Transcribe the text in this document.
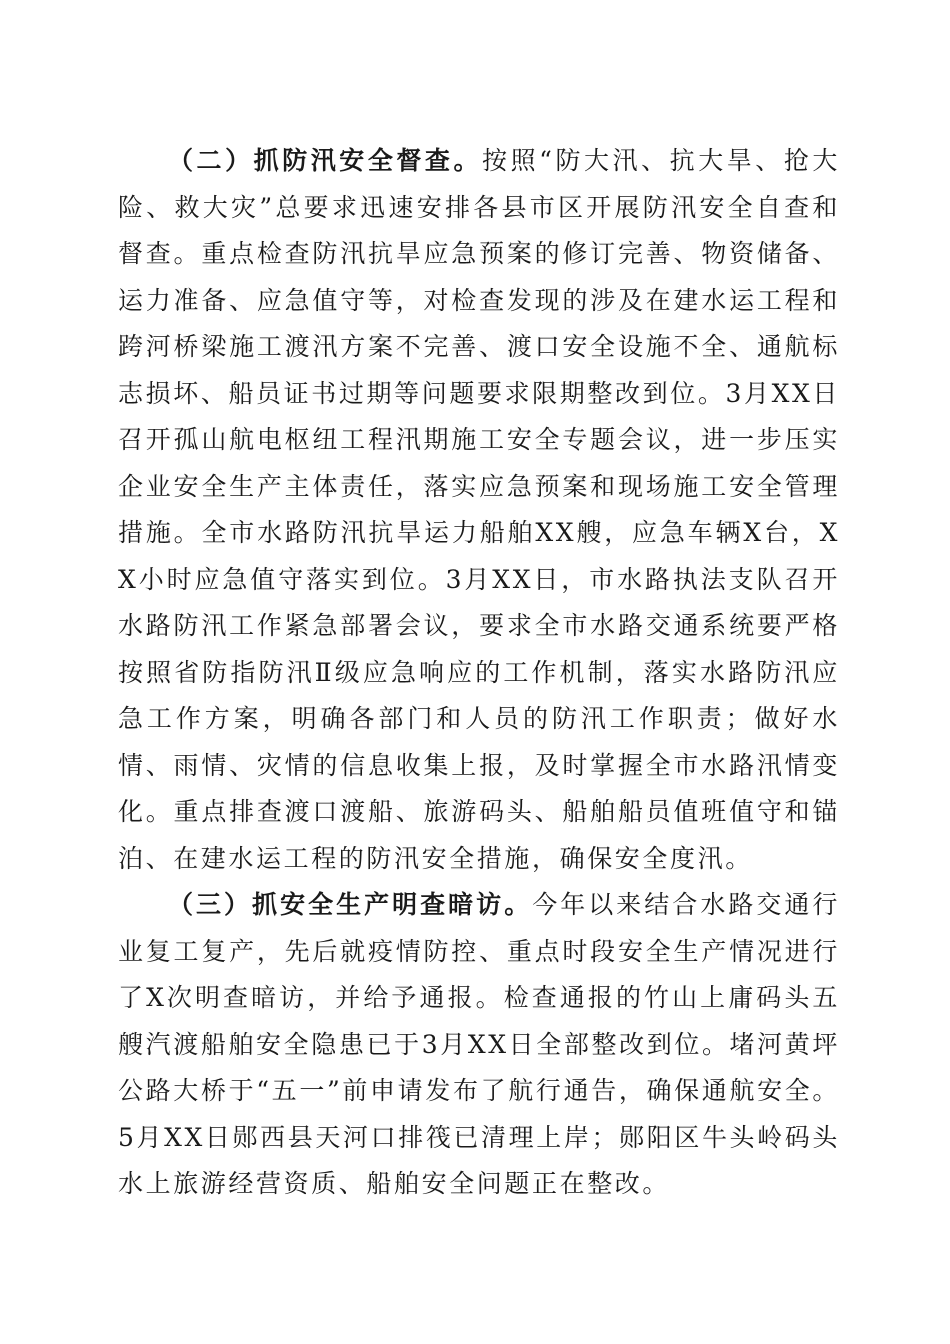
（二）抓防汛安全督查。按照“防大汛、抗大旱、抢大险、救大灾”总要求迅速安排各县市区开展防汛安全自查和督查。重点检查防汛抗旱应急预案的修订完善、物资储备、运力准备、应急值守等，对检查发现的涉及在建水运工程和跨河桥梁施工渡汛方案不完善、渡口安全设施不全、通航标志损坏、船员证书过期等问题要求限期整改到位。3月XX日召开孤山航电枢纽工程汛期施工安全专题会议，进一步压实企业安全生产主体责任，落实应急预案和现场施工安全管理措施。全市水路防汛抗旱运力船舶XX艘，应急车辆X台，XX小时应急值守落实到位。3月XX日，市水路执法支队召开水路防汛工作紧急部署会议，要求全市水路交通系统要严格按照省防指防汛Ⅱ级应急响应的工作机制，落实水路防汛应急工作方案，明确各部门和人员的防汛工作职责；做好水情、雨情、灾情的信息收集上报，及时掌握全市水路汛情变化。重点排查渡口渡船、旅游码头、船舶船员值班值守和锚泊、在建水运工程的防汛安全措施，确保安全度汛。

（三）抓安全生产明查暗访。今年以来结合水路交通行业复工复产，先后就疫情防控、重点时段安全生产情况进行了X次明查暗访，并给予通报。检查通报的竹山上庸码头五艘汽渡船舶安全隐患已于3月XX日全部整改到位。堵河黄坪公路大桥于“五一”前申请发布了航行通告，确保通航安全。5月XX日郧西县天河口排筏已清理上岸；郧阳区牛头岭码头水上旅游经营资质、船舶安全问题正在整改。
